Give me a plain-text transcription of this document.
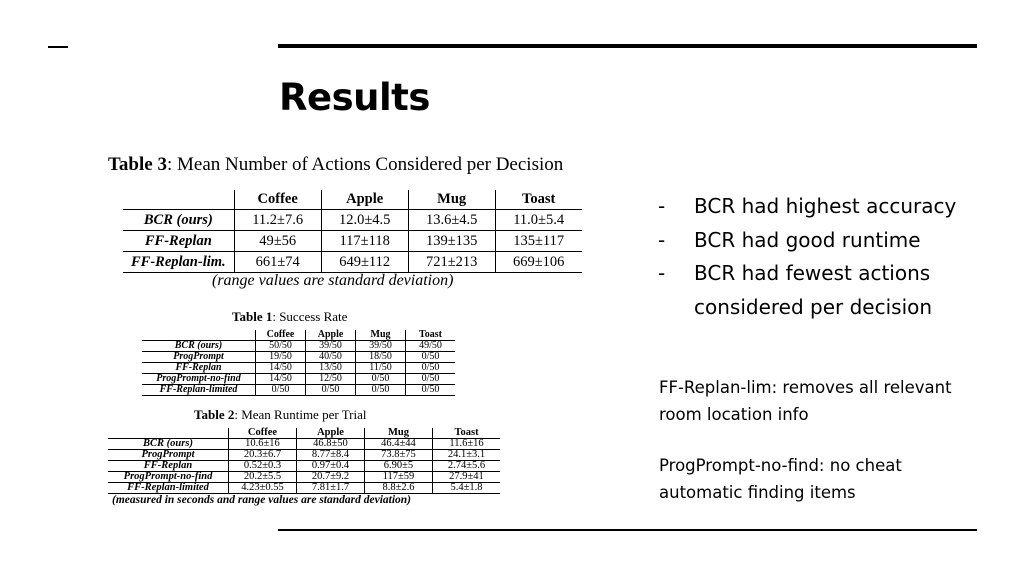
Results
Table 3: Mean Number of Actions Considered per Decision
	Coffee	Apple	Mug	Toast
BCR (ours)	11.2±7.6	12.0±4.5	13.6±4.5	11.0±5.4
FF-Replan	49±56	117±118	139±135	135±117
FF-Replan-lim.	661±74	649±112	721±213	669±106
(range values are standard deviation)
Table 1: Success Rate
	Coffee	Apple	Mug	Toast
BCR (ours)	50/50	39/50	39/50	49/50
ProgPrompt	19/50	40/50	18/50	0/50
FF-Replan	14/50	13/50	11/50	0/50
ProgPrompt-no-find	14/50	12/50	0/50	0/50
FF-Replan-limited	0/50	0/50	0/50	0/50
Table 2: Mean Runtime per Trial
	Coffee	Apple	Mug	Toast
BCR (ours)	10.6±16	46.8±50	46.4±44	11.6±16
ProgPrompt	20.3±6.7	8.77±8.4	73.8±75	24.1±3.1
FF-Replan	0.52±0.3	0.97±0.4	6.90±5	2.74±5.6
ProgPrompt-no-find	20.2±5.5	20.7±9.2	117±59	27.9±41
FF-Replan-limited	4.23±0.55	7.81±1.7	8.8±2.6	5.4±1.8
(measured in seconds and range values are standard deviation)
- BCR had highest accuracy
- BCR had good runtime
- BCR had fewest actions considered per decision

FF-Replan-lim: removes all relevant room location info

ProgPrompt-no-find: no cheat automatic finding items
